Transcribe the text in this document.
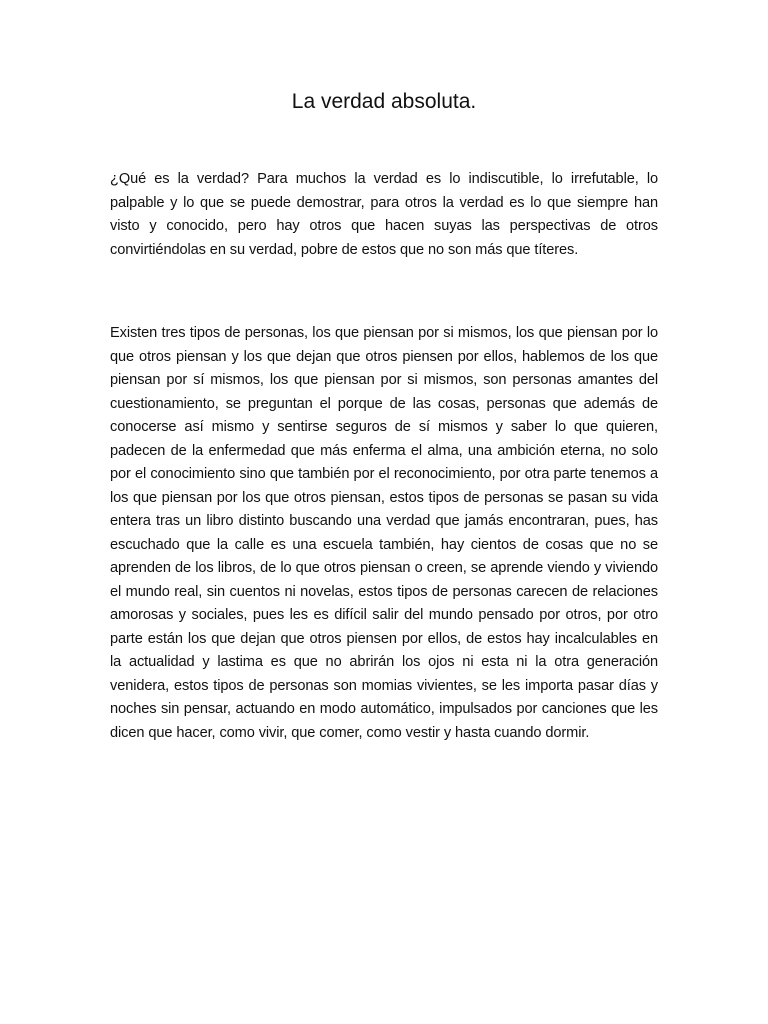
La verdad absoluta.

¿Qué es la verdad? Para muchos la verdad es lo indiscutible, lo irrefutable, lo palpable y lo que se puede demostrar, para otros la verdad es lo que siempre han visto y conocido, pero hay otros que hacen suyas las perspectivas de otros convirtiéndolas en su verdad, pobre de estos que no son más que títeres.

Existen tres tipos de personas, los que piensan por si mismos, los que piensan por lo que otros piensan y los que dejan que otros piensen por ellos, hablemos de los que piensan por sí mismos, los que piensan por si mismos, son personas amantes del cuestionamiento, se preguntan el porque de las cosas, personas que además de conocerse así mismo y sentirse seguros de sí mismos y saber lo que quieren, padecen de la enfermedad que más enferma el alma, una ambición eterna, no solo por el conocimiento sino que también por el reconocimiento, por otra parte tenemos a los que piensan por los que otros piensan, estos tipos de personas se pasan su vida entera tras un libro distinto buscando una verdad que jamás encontraran, pues, has escuchado que la calle es una escuela también, hay cientos de cosas que no se aprenden de los libros, de lo que otros piensan o creen, se aprende viendo y viviendo el mundo real, sin cuentos ni novelas, estos tipos de personas carecen de relaciones amorosas y sociales, pues les es difícil salir del mundo pensado por otros, por otro parte están los que dejan que otros piensen por ellos, de estos hay incalculables en la actualidad y lastima es que no abrirán los ojos ni esta ni la otra generación venidera, estos tipos de personas son momias vivientes, se les importa pasar días y noches sin pensar, actuando en modo automático, impulsados por canciones que les dicen que hacer, como vivir, que comer, como vestir y hasta cuando dormir.
